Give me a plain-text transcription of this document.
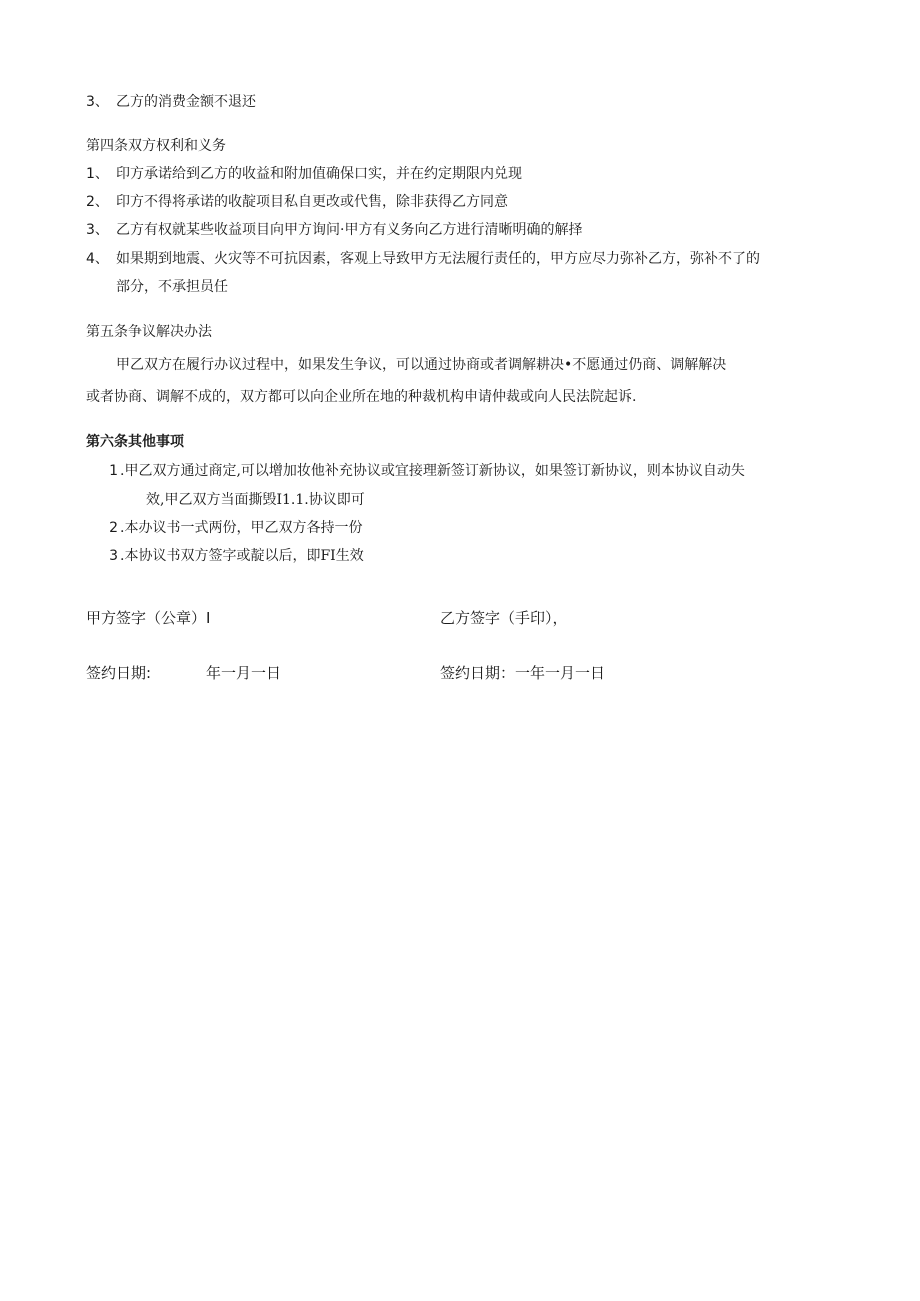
3、 乙方的消费金额不退还
第四条双方权利和义务
1、 印方承诺给到乙方的收益和附加值确保口实，并在约定期限内兑现
2、 印方不得将承诺的收靛项目私自更改或代售，除非获得乙方同意
3、 乙方有权就某些收益项目向甲方询问·甲方有义务向乙方进行清晰明确的解择
4、 如果期到地震、火灾等不可抗因素，客观上导致甲方无法履行责任的，甲方应尽力弥补乙方，弥补不了的
部分，不承担员任
第五条争议解决办法
甲乙双方在履行办议过程中，如果发生争议，可以通过协商或者调解耕决•不愿通过仍商、调解解决
或者协商、调解不成的，双方都可以向企业所在地的种裁机构申请仲裁或向人民法院起诉.
第六条其他事项
1 .甲乙双方通过商定,可以增加妆他补充协议或宜接理新签订新协议，如果签订新协议，则本协议自动失
效,甲乙双方当面撕毁I1.1.协议即可
2 .本办议书一式两份，甲乙双方各持一份
3 .本协议书双方签字或靛以后，即FI生效
甲方签字（公章）I	乙方签字（手印），
签约日期:	年一月一日	签约日期：一年一月一日
